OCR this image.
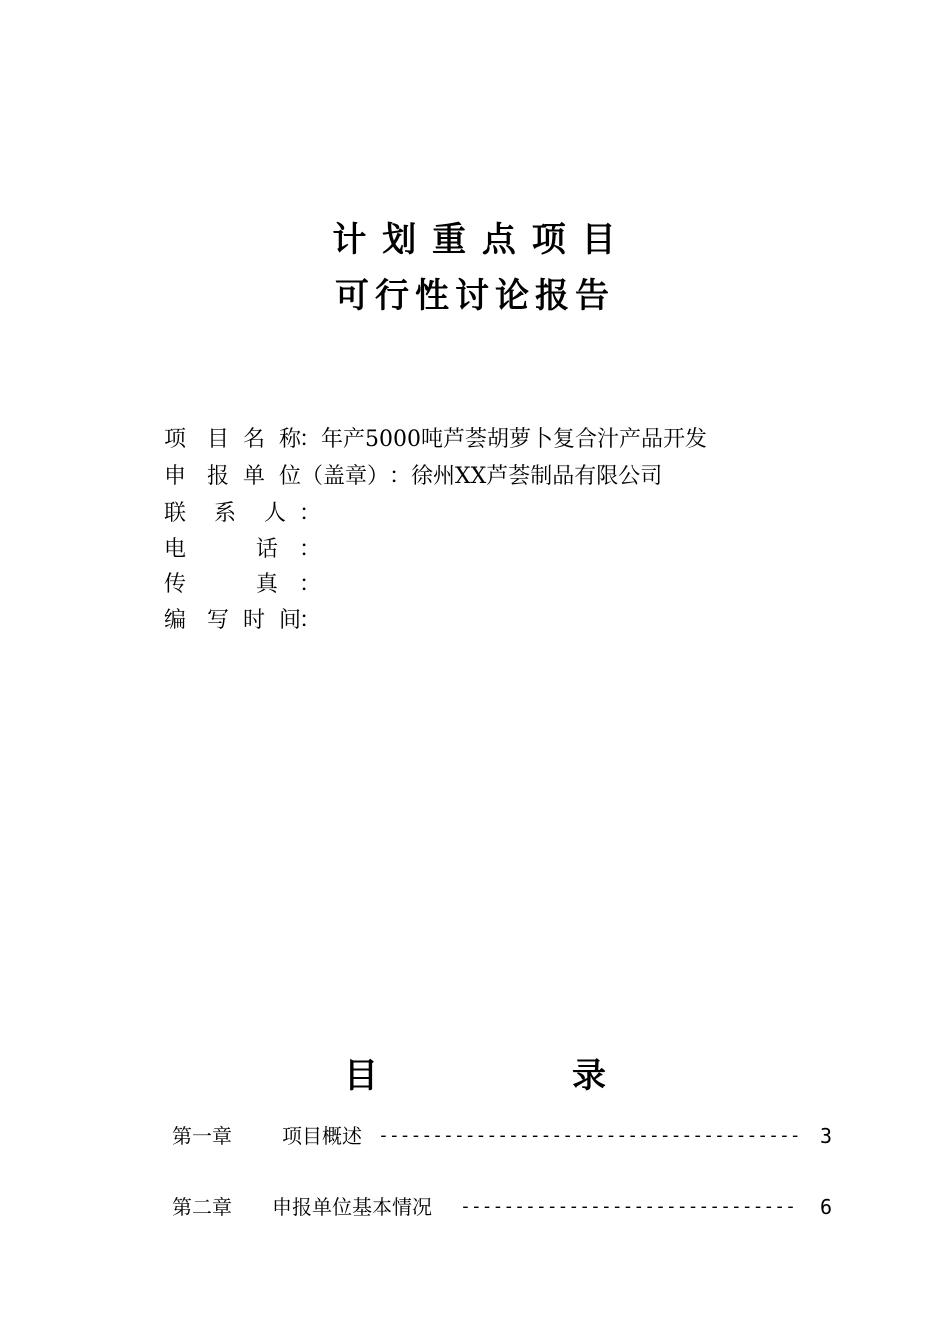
计 划 重 点 项 目
可行性讨论报告
项   目  名  称：年产5000吨芦荟胡萝卜复合汁产品开发
申   报  单  位（盖章）：徐州XX芦荟制品有限公司
联    系    人 ：
电          话 ：
传          真 ：
编   写  时  间：
目	录
第一章	项目概述 --------------------------------------- 3
第二章 申报单位基本情况 -------------------------------	6
